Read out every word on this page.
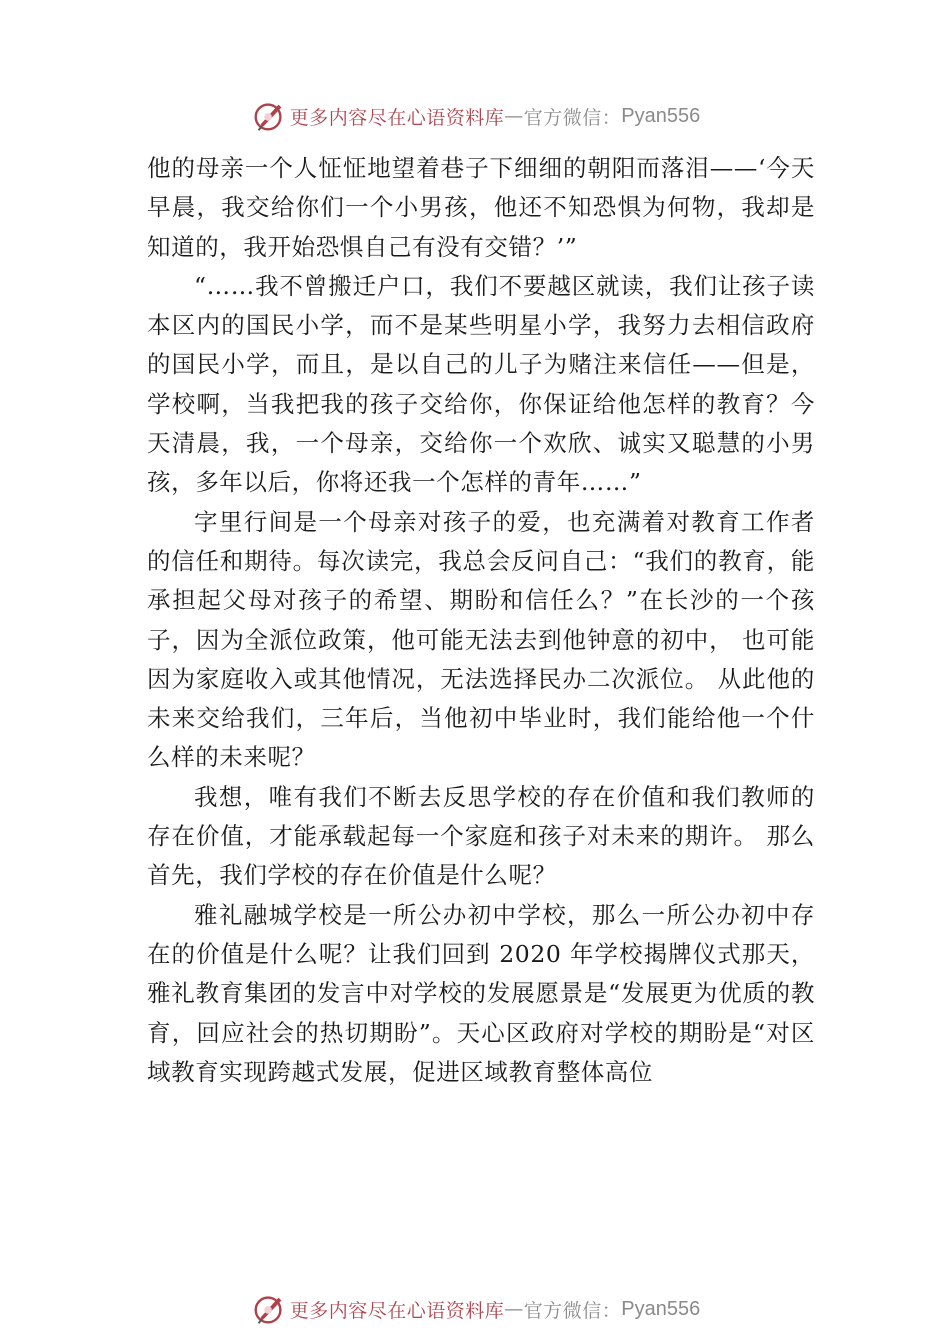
更多内容尽在心语资料库 — 官方微信： Pyan556

他的母亲一个人怔怔地望着巷子下细细的朝阳而落泪——‘今天早晨，我交给你们一个小男孩，他还不知恐惧为何物，我却是知道的，我开始恐惧自己有没有交错？’”

“……我不曾搬迁户口，我们不要越区就读，我们让孩子读本区内的国民小学，而不是某些明星小学，我努力去相信政府的国民小学，而且，是以自己的儿子为赌注来信任——但是，学校啊，当我把我的孩子交给你，你保证给他怎样的教育？今天清晨，我，一个母亲，交给你一个欢欣、诚实又聪慧的小男孩，多年以后，你将还我一个怎样的青年……”

字里行间是一个母亲对孩子的爱，也充满着对教育工作者的信任和期待。每次读完，我总会反问自己：“我们的教育，能承担起父母对孩子的希望、期盼和信任么？”在长沙的一个孩子，因为全派位政策，他可能无法去到他钟意的初中， 也可能因为家庭收入或其他情况，无法选择民办二次派位。 从此他的未来交给我们，三年后，当他初中毕业时，我们能给他一个什么样的未来呢？

我想，唯有我们不断去反思学校的存在价值和我们教师的存在价值，才能承载起每一个家庭和孩子对未来的期许。 那么首先，我们学校的存在价值是什么呢？

雅礼融城学校是一所公办初中学校，那么一所公办初中存在的价值是什么呢？让我们回到 2020 年学校揭牌仪式那天，雅礼教育集团的发言中对学校的发展愿景是“发展更为优质的教育，回应社会的热切期盼”。天心区政府对学校的期盼是“对区域教育实现跨越式发展，促进区域教育整体高位

更多内容尽在心语资料库 — 官方微信： Pyan556
